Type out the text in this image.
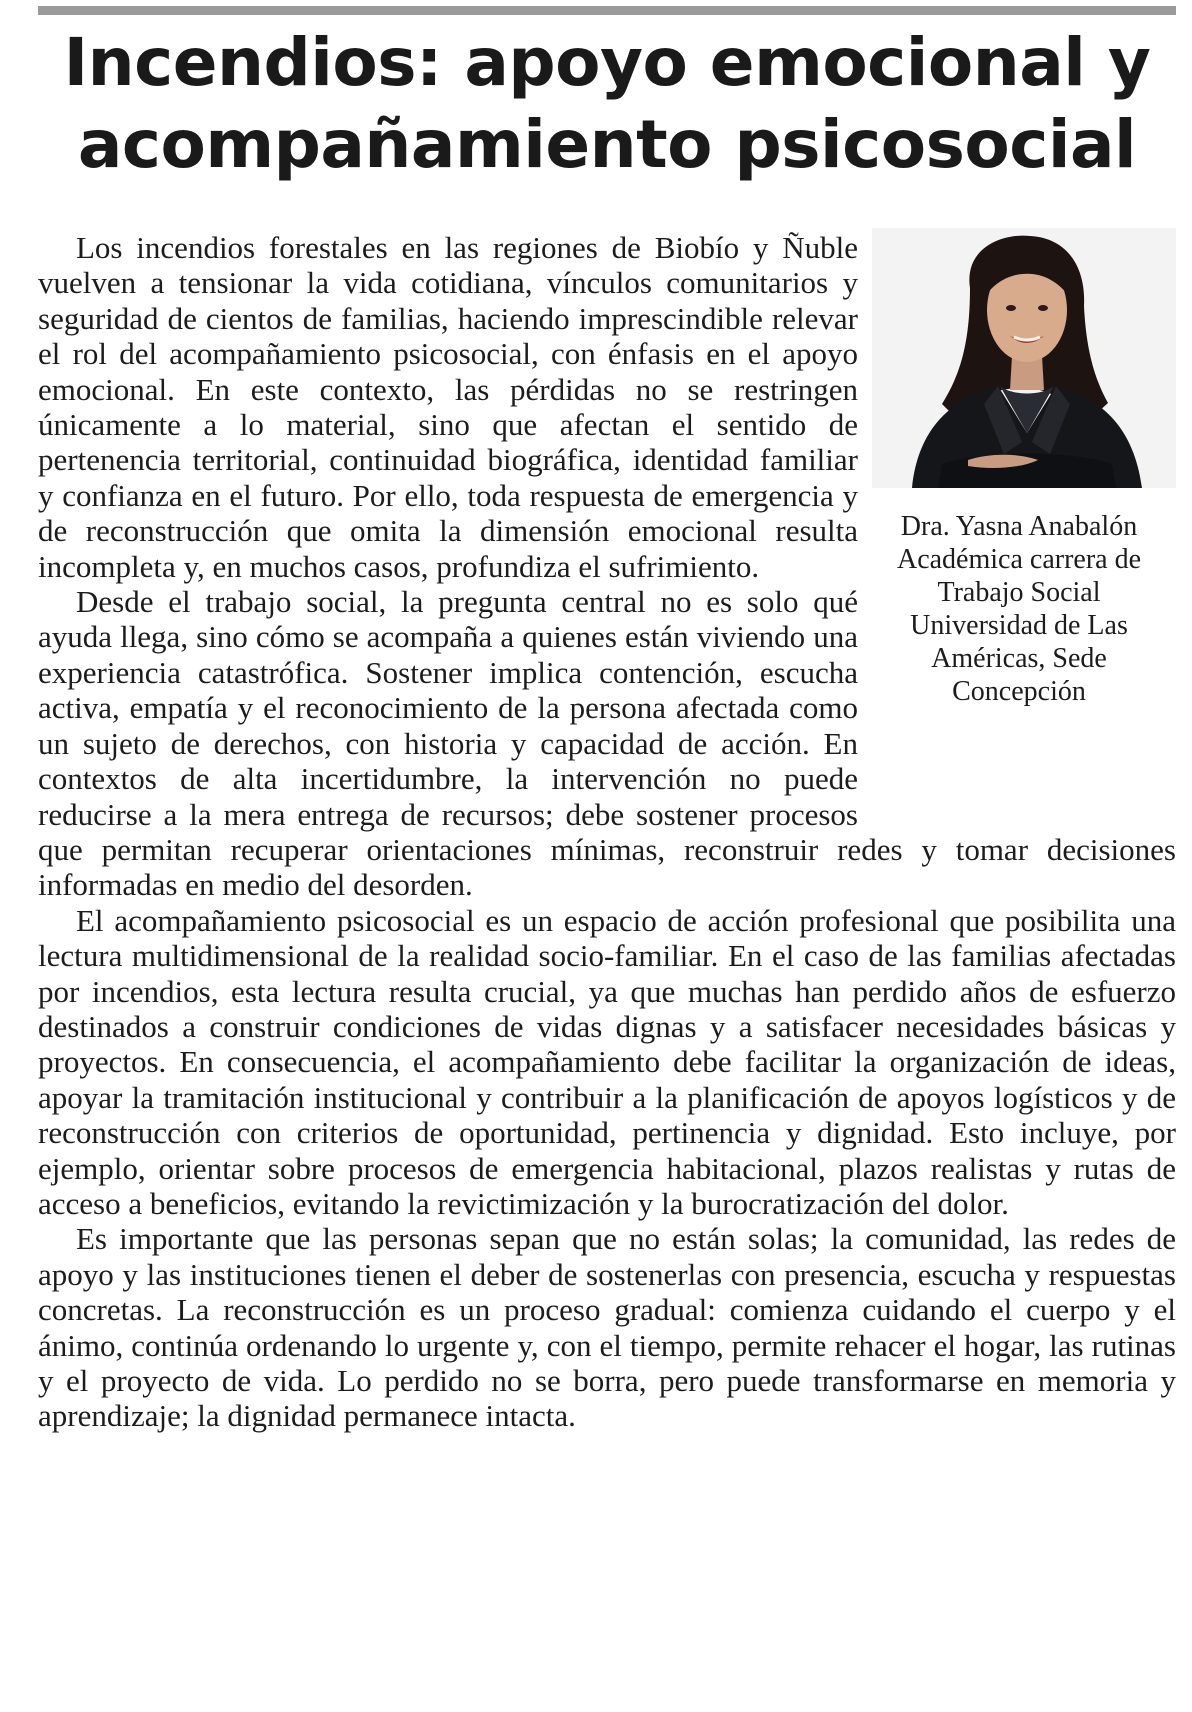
Incendios: apoyo emocional y acompañamiento psicosocial
Dra. Yasna Anabalón
Académica carrera de
Trabajo Social
Universidad de Las
Américas, Sede
Concepción

Los incendios forestales en las regiones de Biobío y Ñuble vuelven a tensionar la vida cotidiana, vínculos comunitarios y seguridad de cientos de familias, haciendo imprescindible relevar el rol del acompañamiento psicosocial, con énfasis en el apoyo emocional. En este contexto, las pérdidas no se restringen únicamente a lo material, sino que afectan el sentido de pertenencia territorial, continuidad biográfica, identidad familiar y confianza en el futuro. Por ello, toda respuesta de emergencia y de reconstrucción que omita la dimensión emocional resulta incompleta y, en muchos casos, profundiza el sufrimiento.

Desde el trabajo social, la pregunta central no es solo qué ayuda llega, sino cómo se acompaña a quienes están viviendo una experiencia catastrófica. Sostener implica contención, escucha activa, empatía y el reconocimiento de la persona afectada como un sujeto de derechos, con historia y capacidad de acción. En contextos de alta incertidumbre, la intervención no puede reducirse a la mera entrega de recursos; debe sostener procesos que permitan recuperar orientaciones mínimas, reconstruir redes y tomar decisiones informadas en medio del desorden.

El acompañamiento psicosocial es un espacio de acción profesional que posibilita una lectura multidimensional de la realidad socio-familiar. En el caso de las familias afectadas por incendios, esta lectura resulta crucial, ya que muchas han perdido años de esfuerzo destinados a construir condiciones de vidas dignas y a satisfacer necesidades básicas y proyectos. En consecuencia, el acompañamiento debe facilitar la organización de ideas, apoyar la tramitación institucional y contribuir a la planificación de apoyos logísticos y de reconstrucción con criterios de oportunidad, pertinencia y dignidad. Esto incluye, por ejemplo, orientar sobre procesos de emergencia habitacional, plazos realistas y rutas de acceso a beneficios, evitando la revictimización y la burocratización del dolor.

Es importante que las personas sepan que no están solas; la comunidad, las redes de apoyo y las instituciones tienen el deber de sostenerlas con presencia, escucha y respuestas concretas. La reconstrucción es un proceso gradual: comienza cuidando el cuerpo y el ánimo, continúa ordenando lo urgente y, con el tiempo, permite rehacer el hogar, las rutinas y el proyecto de vida. Lo perdido no se borra, pero puede transformarse en memoria y aprendizaje; la dignidad permanece intacta.
